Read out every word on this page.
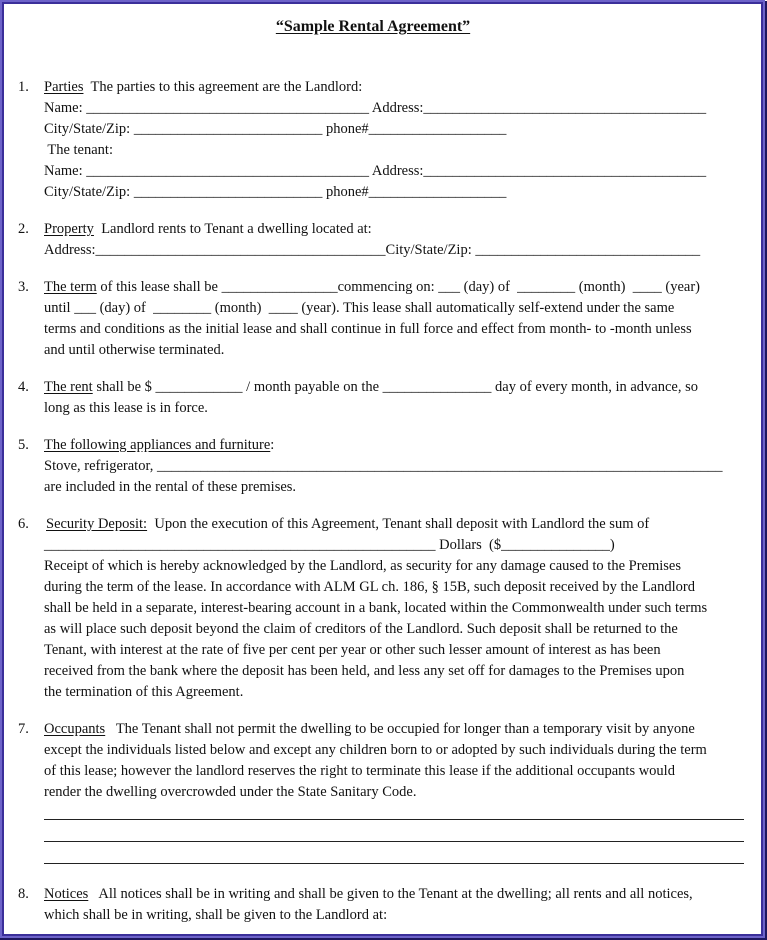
“Sample Rental Agreement”
1. Parties  The parties to this agreement are the Landlord:
Name: _______________________________________ Address:_______________________________________
City/State/Zip: __________________________ phone#___________________
The tenant:
Name: _______________________________________ Address:_______________________________________
City/State/Zip: __________________________ phone#___________________
2. Property  Landlord rents to Tenant a dwelling located at:
Address:________________________________________City/State/Zip: _______________________________
3. The term of this lease shall be ________________commencing on: ___ (day) of  ________ (month)  ____ (year)
until ___ (day) of  ________ (month)  ____ (year). This lease shall automatically self-extend under the same
terms and conditions as the initial lease and shall continue in full force and effect from month- to -month unless
and until otherwise terminated.
4. The rent shall be $ ____________ / month payable on the _______________ day of every month, in advance, so
long as this lease is in force.
5. The following appliances and furniture:
Stove, refrigerator, ______________________________________________________________________________
are included in the rental of these premises.
6. Security Deposit:  Upon the execution of this Agreement, Tenant shall deposit with Landlord the sum of
______________________________________________________ Dollars  ($_______________)
Receipt of which is hereby acknowledged by the Landlord, as security for any damage caused to the Premises
during the term of the lease. In accordance with ALM GL ch. 186, § 15B, such deposit received by the Landlord
shall be held in a separate, interest-bearing account in a bank, located within the Commonwealth under such terms
as will place such deposit beyond the claim of creditors of the Landlord. Such deposit shall be returned to the
Tenant, with interest at the rate of five per cent per year or other such lesser amount of interest as has been
received from the bank where the deposit has been held, and less any set off for damages to the Premises upon
the termination of this Agreement.
7. Occupants   The Tenant shall not permit the dwelling to be occupied for longer than a temporary visit by anyone
except the individuals listed below and except any children born to or adopted by such individuals during the term
of this lease; however the landlord reserves the right to terminate this lease if the additional occupants would
render the dwelling overcrowded under the State Sanitary Code.
8. Notices   All notices shall be in writing and shall be given to the Tenant at the dwelling; all rents and all notices,
which shall be in writing, shall be given to the Landlord at:
